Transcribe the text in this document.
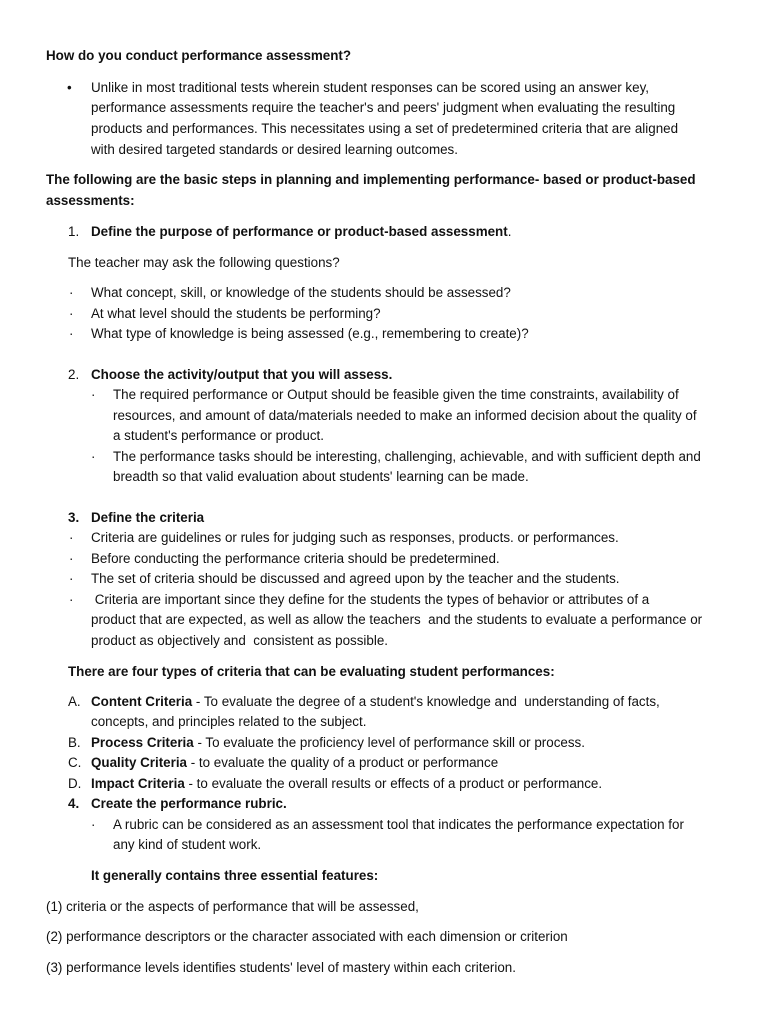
How do you conduct performance assessment?
• Unlike in most traditional tests wherein student responses can be scored using an answer key,
performance assessments require the teacher's and peers' judgment when evaluating the resulting
products and performances. This necessitates using a set of predetermined criteria that are aligned
with desired targeted standards or desired learning outcomes.
The following are the basic steps in planning and implementing performance- based or product-based
assessments:
1. Define the purpose of performance or product-based assessment.
The teacher may ask the following questions?
· What concept, skill, or knowledge of the students should be assessed?
· At what level should the students be performing?
· What type of knowledge is being assessed (e.g., remembering to create)?
2. Choose the activity/output that you will assess.
· The required performance or Output should be feasible given the time constraints, availability of
resources, and amount of data/materials needed to make an informed decision about the quality of
a student's performance or product.
· The performance tasks should be interesting, challenging, achievable, and with sufficient depth and
breadth so that valid evaluation about students' learning can be made.
3. Define the criteria
· Criteria are guidelines or rules for judging such as responses, products. or performances.
· Before conducting the performance criteria should be predetermined.
· The set of criteria should be discussed and agreed upon by the teacher and the students.
· Criteria are important since they define for the students the types of behavior or attributes of a
product that are expected, as well as allow the teachers  and the students to evaluate a performance or
product as objectively and  consistent as possible.
There are four types of criteria that can be evaluating student performances:
A. Content Criteria - To evaluate the degree of a student's knowledge and  understanding of facts,
concepts, and principles related to the subject.
B. Process Criteria - To evaluate the proficiency level of performance skill or process.
C. Quality Criteria - to evaluate the quality of a product or performance
D. Impact Criteria - to evaluate the overall results or effects of a product or performance.
4. Create the performance rubric.
· A rubric can be considered as an assessment tool that indicates the performance expectation for
any kind of student work.
It generally contains three essential features:
(1) criteria or the aspects of performance that will be assessed,
(2) performance descriptors or the character associated with each dimension or criterion
(3) performance levels identifies students' level of mastery within each criterion.
